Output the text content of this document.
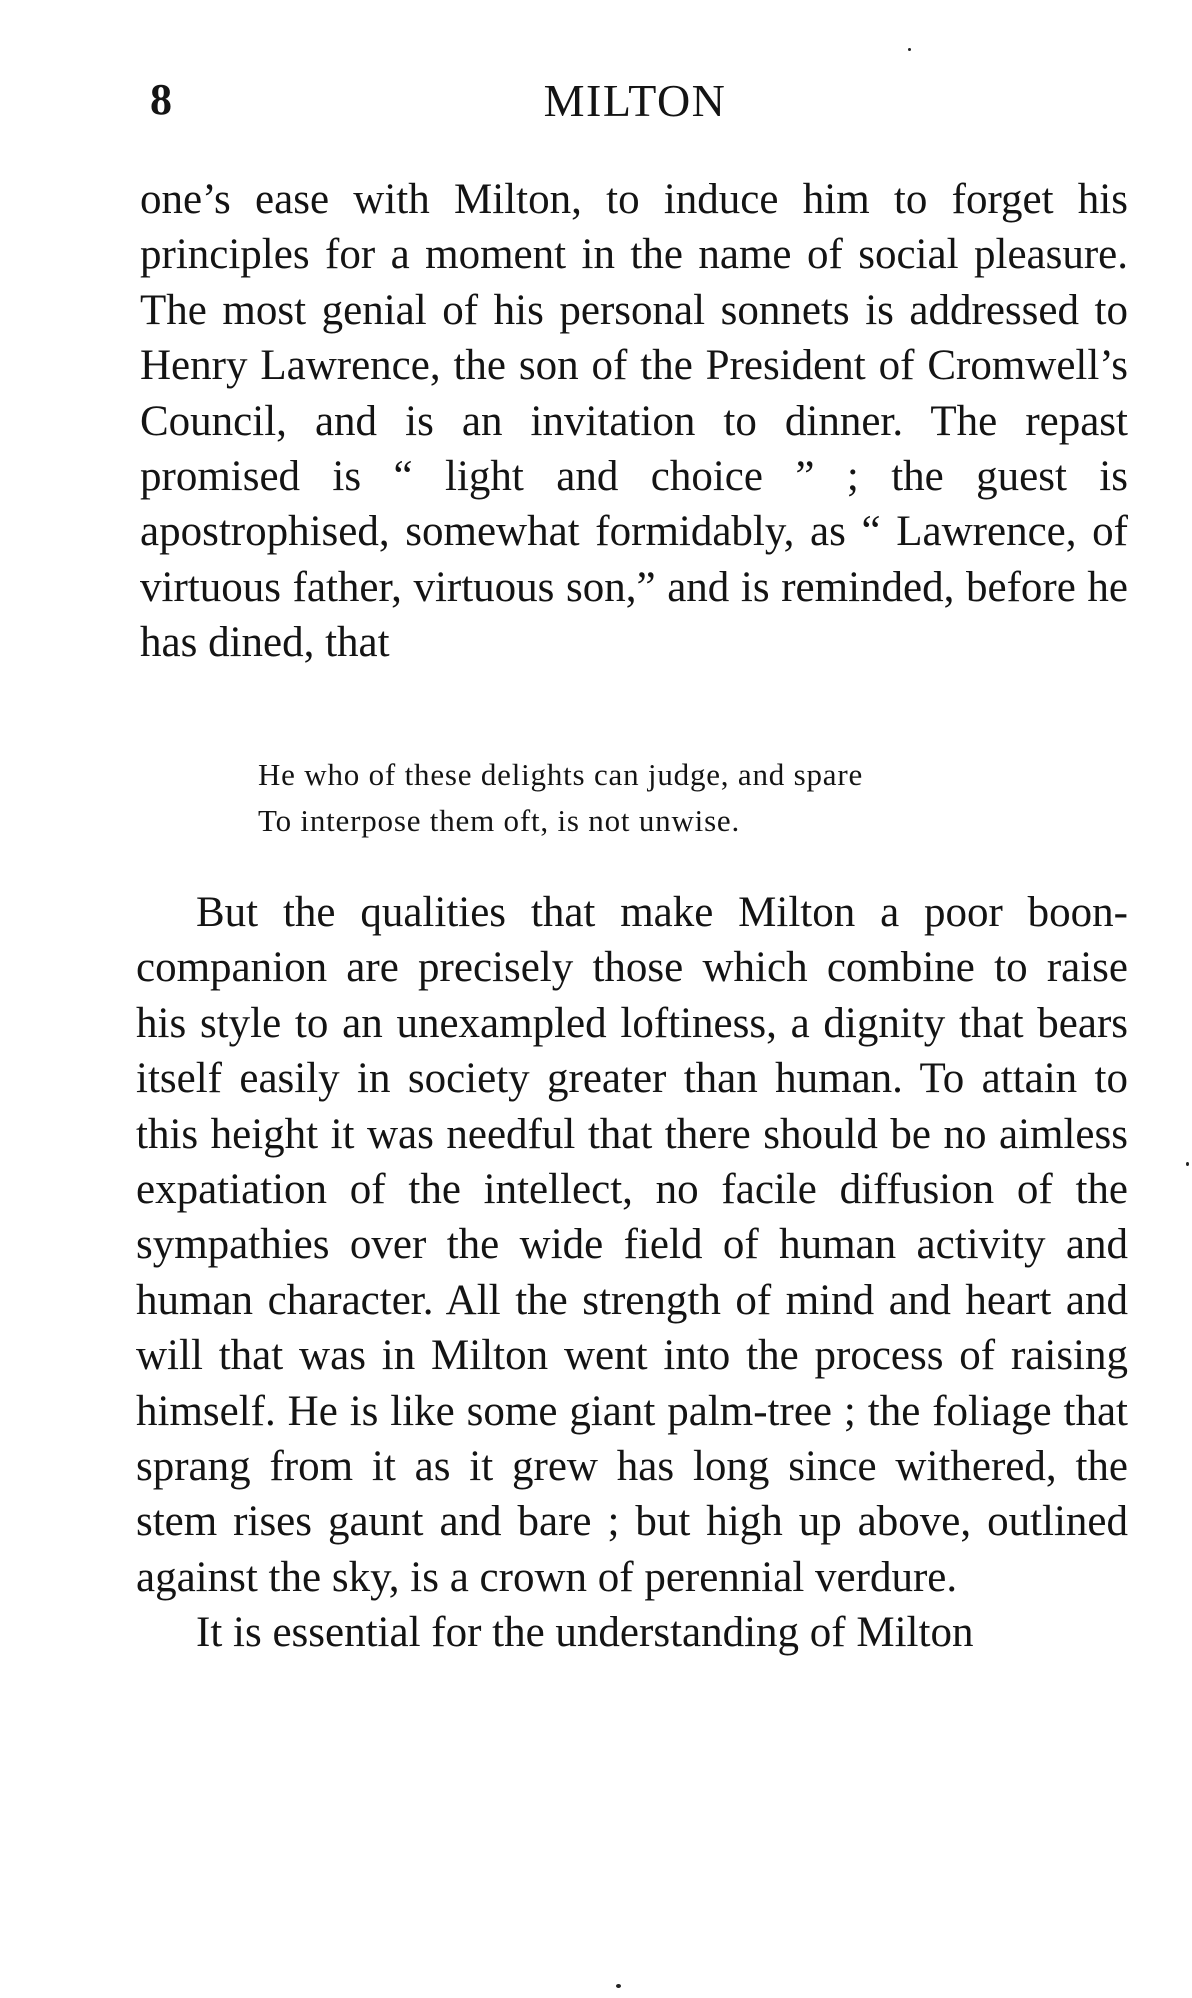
8	MILTON

one’s ease with Milton, to induce him to forget his principles for a moment in the name of social pleasure. The most genial of his personal sonnets is addressed to Henry Lawrence, the son of the President of Cromwell’s Council, and is an invitation to dinner. The repast promised is “ light and choice ” ; the guest is apostrophised, somewhat formidably, as “ Lawrence, of virtuous father, virtuous son,” and is reminded, before he has dined, that

He who of these delights can judge, and spare
To interpose them oft, is not unwise.

But the qualities that make Milton a poor boon-companion are precisely those which combine to raise his style to an unexampled loftiness, a dignity that bears itself easily in society greater than human. To attain to this height it was needful that there should be no aimless expatiation of the intellect, no facile diffusion of the sympathies over the wide field of human activity and human character. All the strength of mind and heart and will that was in Milton went into the process of raising himself. He is like some giant palm-tree ; the foliage that sprang from it as it grew has long since withered, the stem rises gaunt and bare ; but high up above, outlined against the sky, is a crown of perennial verdure.

It is essential for the understanding of Milton
